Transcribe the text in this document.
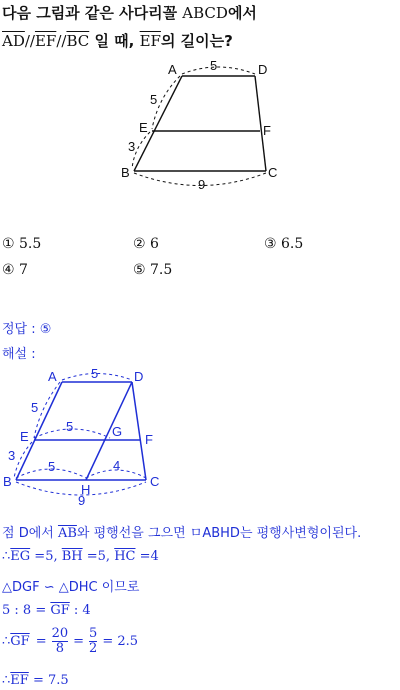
다음 그림과 같은 사다리꼴 ABCD에서
$\overline{AD}//\overline{EF}//\overline{BC}$ 일 때, $\overline{EF}$의 길이는?
A	D
E	F
B	C
5
5
3
9
① 5.5	② 6	③ 6.5
④ 7	⑤ 7.5
정답 : ⑤
해설 :
A	D
E	G
F
B
H
C
5
5
5
3
5	4
9
점 D에서 $\overline{AB}$와 평행선을 그으면 ㅁABHD는 평행사변형이된다.
$\therefore\overline{EG} =5$, $\overline{BH} =5$, $\overline{HC} =4$
△DGF ∽ △DHC 이므로
5 : $8 = \overline{GF}$ : 4
∴ $\overline{GF} = \frac{20}{8} = \frac{5}{2} = 2.5$
$\therefore\overline{EF} = 7.5$
